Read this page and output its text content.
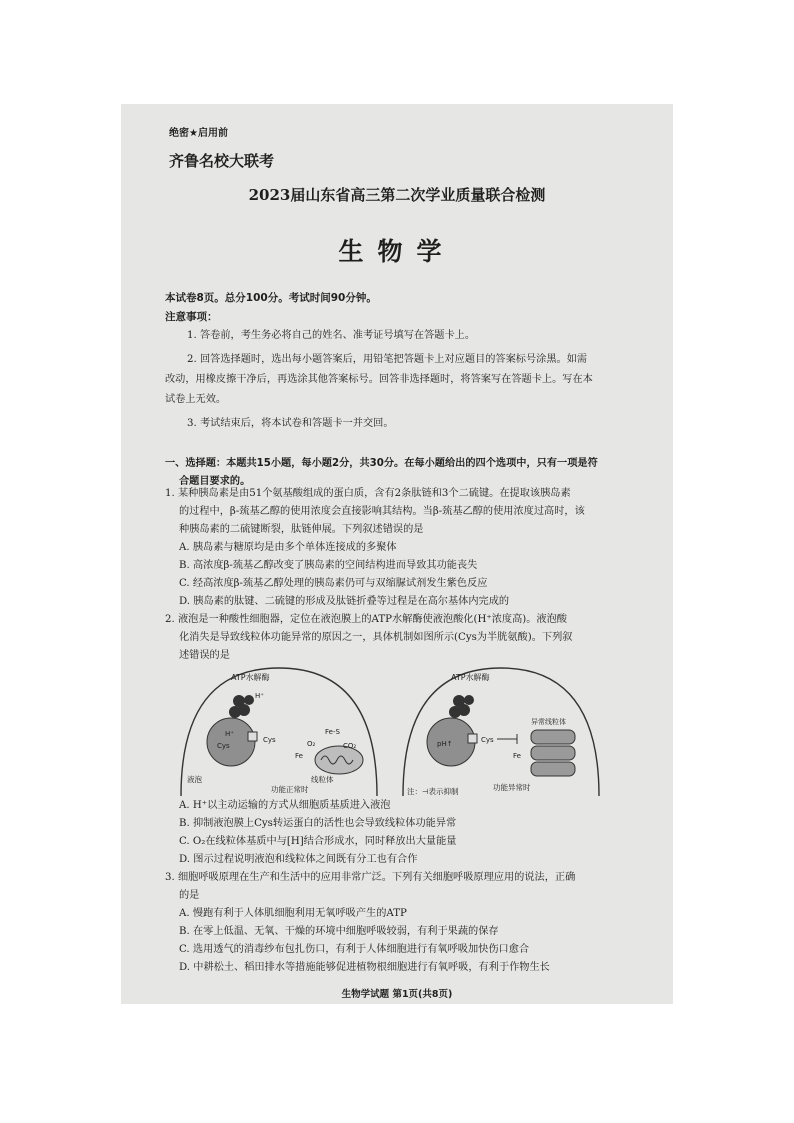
绝密★启用前
齐鲁名校大联考
2023届山东省高三第二次学业质量联合检测
生物学
本试卷8页。总分100分。考试时间90分钟。
注意事项：
1. 答卷前，考生务必将自己的姓名、准考证号填写在答题卡上。
2. 回答选择题时，选出每小题答案后，用铅笔把答题卡上对应题目的答案标号涂黑。如需
改动，用橡皮擦干净后，再选涂其他答案标号。回答非选择题时，将答案写在答题卡上。写在本
试卷上无效。
3. 考试结束后，将本试卷和答题卡一并交回。
一、选择题：本题共15小题，每小题2分，共30分。在每小题给出的四个选项中，只有一项是符
合题目要求的。
1. 某种胰岛素是由51个氨基酸组成的蛋白质，含有2条肽链和3个二硫键。在提取该胰岛素
的过程中，β-巯基乙醇的使用浓度会直接影响其结构。当β-巯基乙醇的使用浓度过高时，该
种胰岛素的二硫键断裂，肽链伸展。下列叙述错误的是
A. 胰岛素与糖原均是由多个单体连接成的多聚体
B. 高浓度β-巯基乙醇改变了胰岛素的空间结构进而导致其功能丧失
C. 经高浓度β-巯基乙醇处理的胰岛素仍可与双缩脲试剂发生紫色反应
D. 胰岛素的肽键、二硫键的形成及肽链折叠等过程是在高尔基体内完成的
2. 液泡是一种酸性细胞器，定位在液泡膜上的ATP水解酶使液泡酸化(H⁺浓度高)。液泡酸
化消失是导致线粒体功能异常的原因之一，具体机制如图所示(Cys为半胱氨酸)。下列叙
述错误的是
ATP水解酶
H⁺
H⁺
Cys
Cys
Fe
Fe-S
O₂	CO₂
液泡	线粒体
功能正常时
ATP水解酶
pH↑	Cys
Fe
异常线粒体
注：⊣表示抑制	功能异常时
A. H⁺以主动运输的方式从细胞质基质进入液泡
B. 抑制液泡膜上Cys转运蛋白的活性也会导致线粒体功能异常
C. O₂在线粒体基质中与[H]结合形成水，同时释放出大量能量
D. 图示过程说明液泡和线粒体之间既有分工也有合作
3. 细胞呼吸原理在生产和生活中的应用非常广泛。下列有关细胞呼吸原理应用的说法，正确
的是
A. 慢跑有利于人体肌细胞利用无氧呼吸产生的ATP
B. 在零上低温、无氧、干燥的环境中细胞呼吸较弱，有利于果蔬的保存
C. 选用透气的消毒纱布包扎伤口，有利于人体细胞进行有氧呼吸加快伤口愈合
D. 中耕松土、稻田排水等措施能够促进植物根细胞进行有氧呼吸，有利于作物生长
生物学试题 第1页(共8页)
